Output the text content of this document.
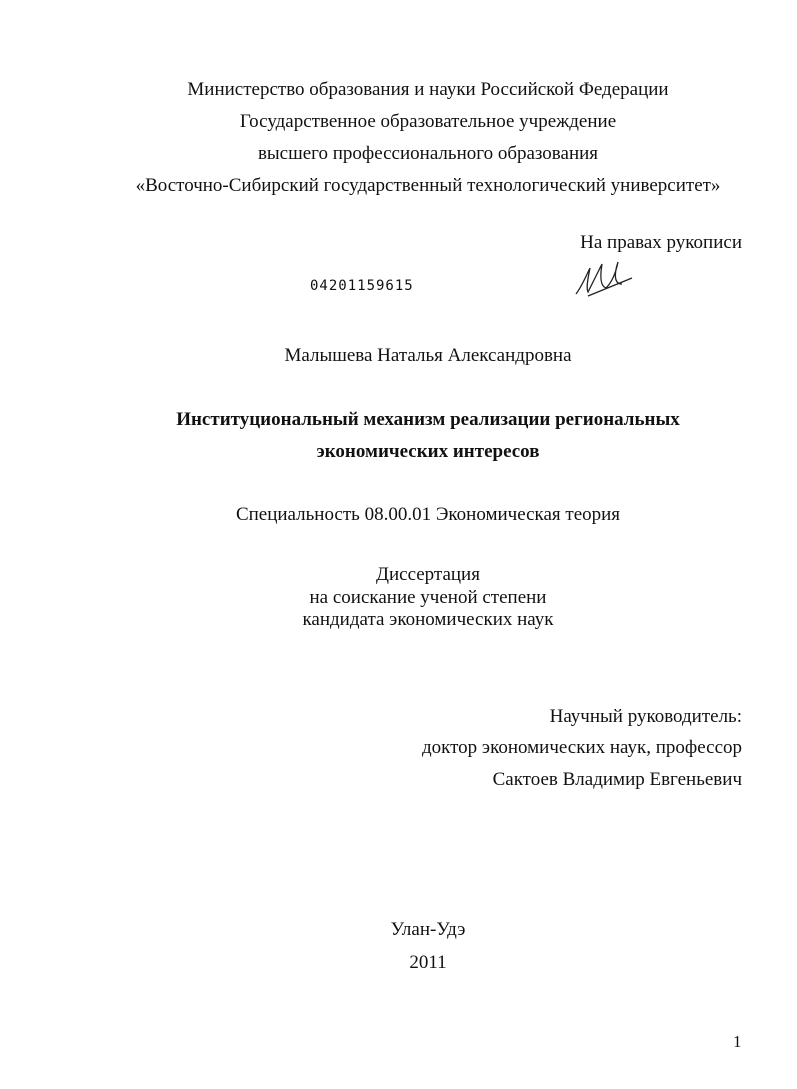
Министерство образования и науки Российской Федерации
Государственное образовательное учреждение
высшего профессионального образования
«Восточно-Сибирский государственный технологический университет»
На правах рукописи
04201159615
Малышева Наталья Александровна
Институциональный механизм реализации региональных
экономических интересов
Специальность 08.00.01 Экономическая теория
Диссертация
на соискание ученой степени
кандидата экономических наук
Научный руководитель:
доктор экономических наук, профессор
Сактоев Владимир Евгеньевич
Улан-Удэ
2011
1
